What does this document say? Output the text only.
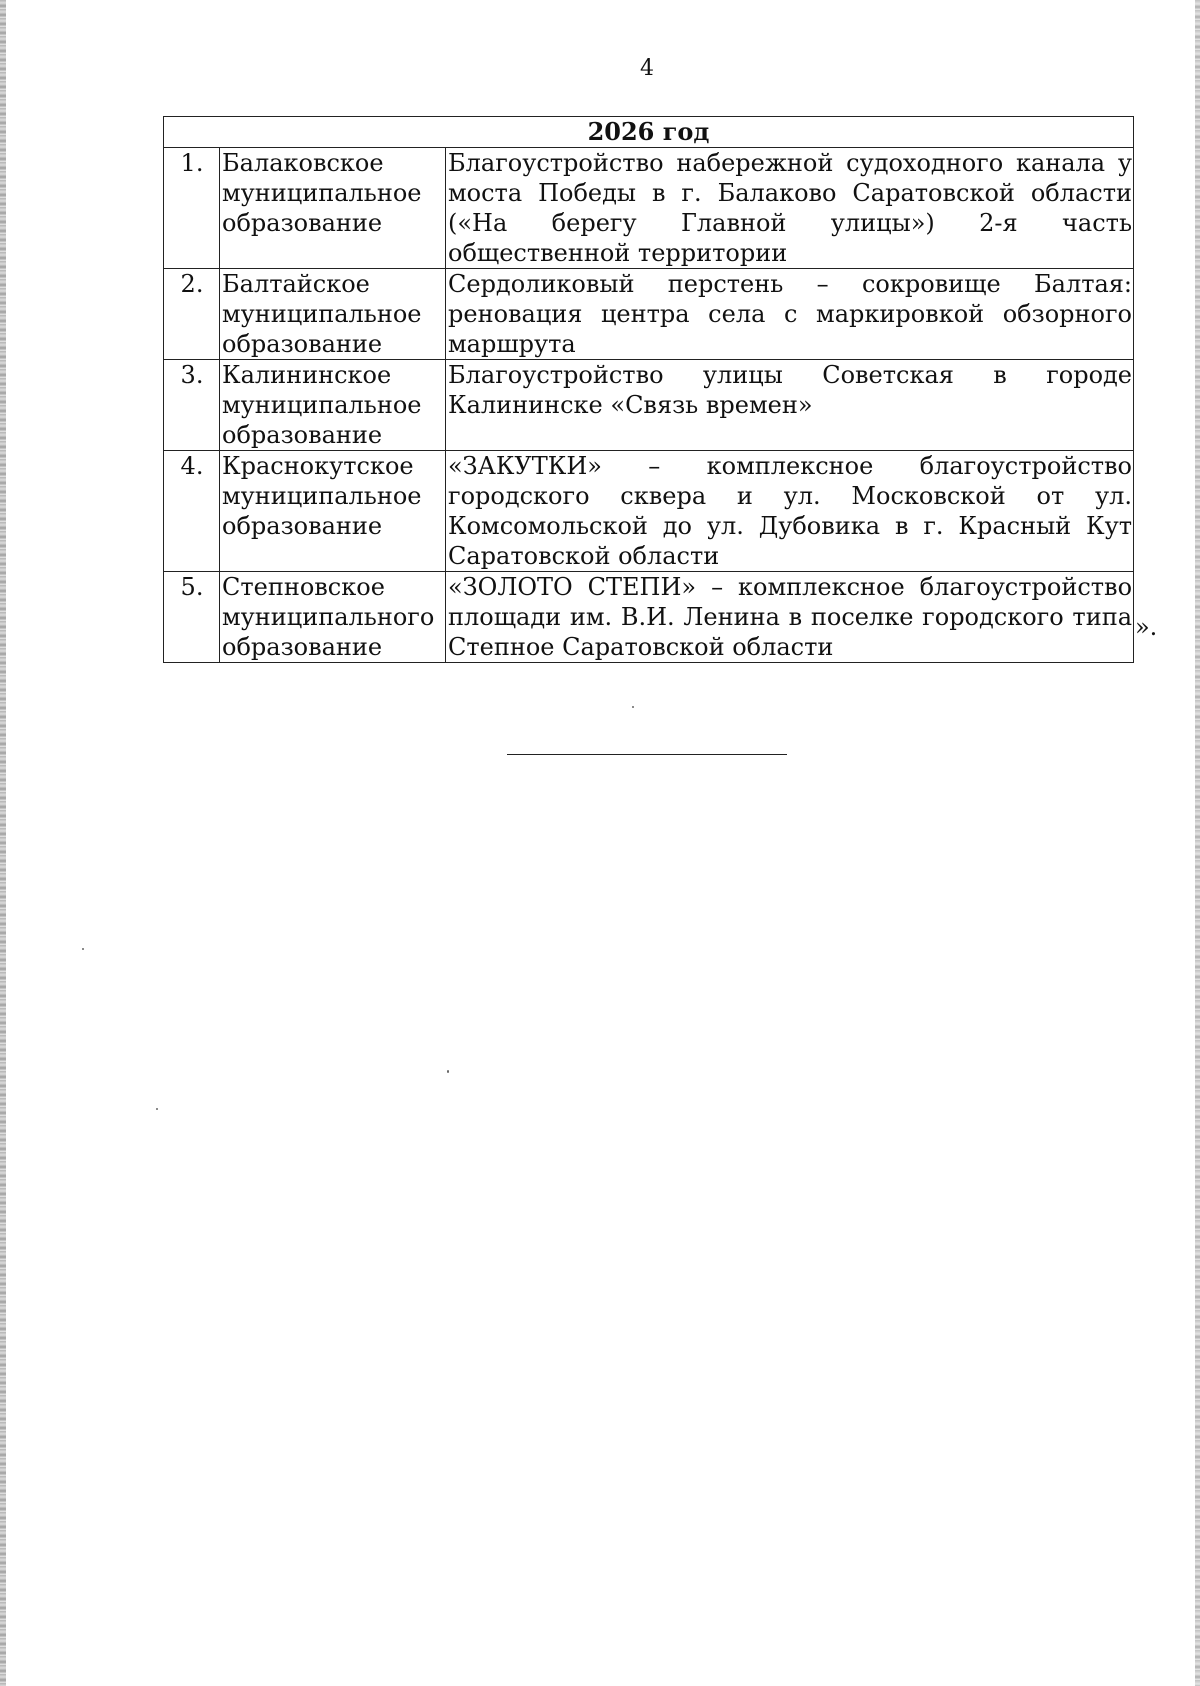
4
2026 год		
1.	Балаковское муниципальное образование	Благоустройство набережной судоходного канала у моста Победы в г. Балаково Саратовской области («На берегу Главной улицы») 2-я часть общественной территории
2.	Балтайское муниципальное образование	Сердоликовый перстень – сокровище Балтая: реновация центра села с маркировкой обзорного маршрута
3.	Калининское муниципальное образование	Благоустройство улицы Советская в городе Калининске «Связь времен»
4.	Краснокутское муниципальное образование	«ЗАКУТКИ» – комплексное благоустройство городского сквера и ул. Московской от ул. Комсомольской до ул. Дубовика в г. Красный Кут Саратовской области
5.	Степновское муниципального образование	«ЗОЛОТО СТЕПИ» – комплексное благоустройство площади им. В.И. Ленина в поселке городского типа Степное Саратовской области
».
